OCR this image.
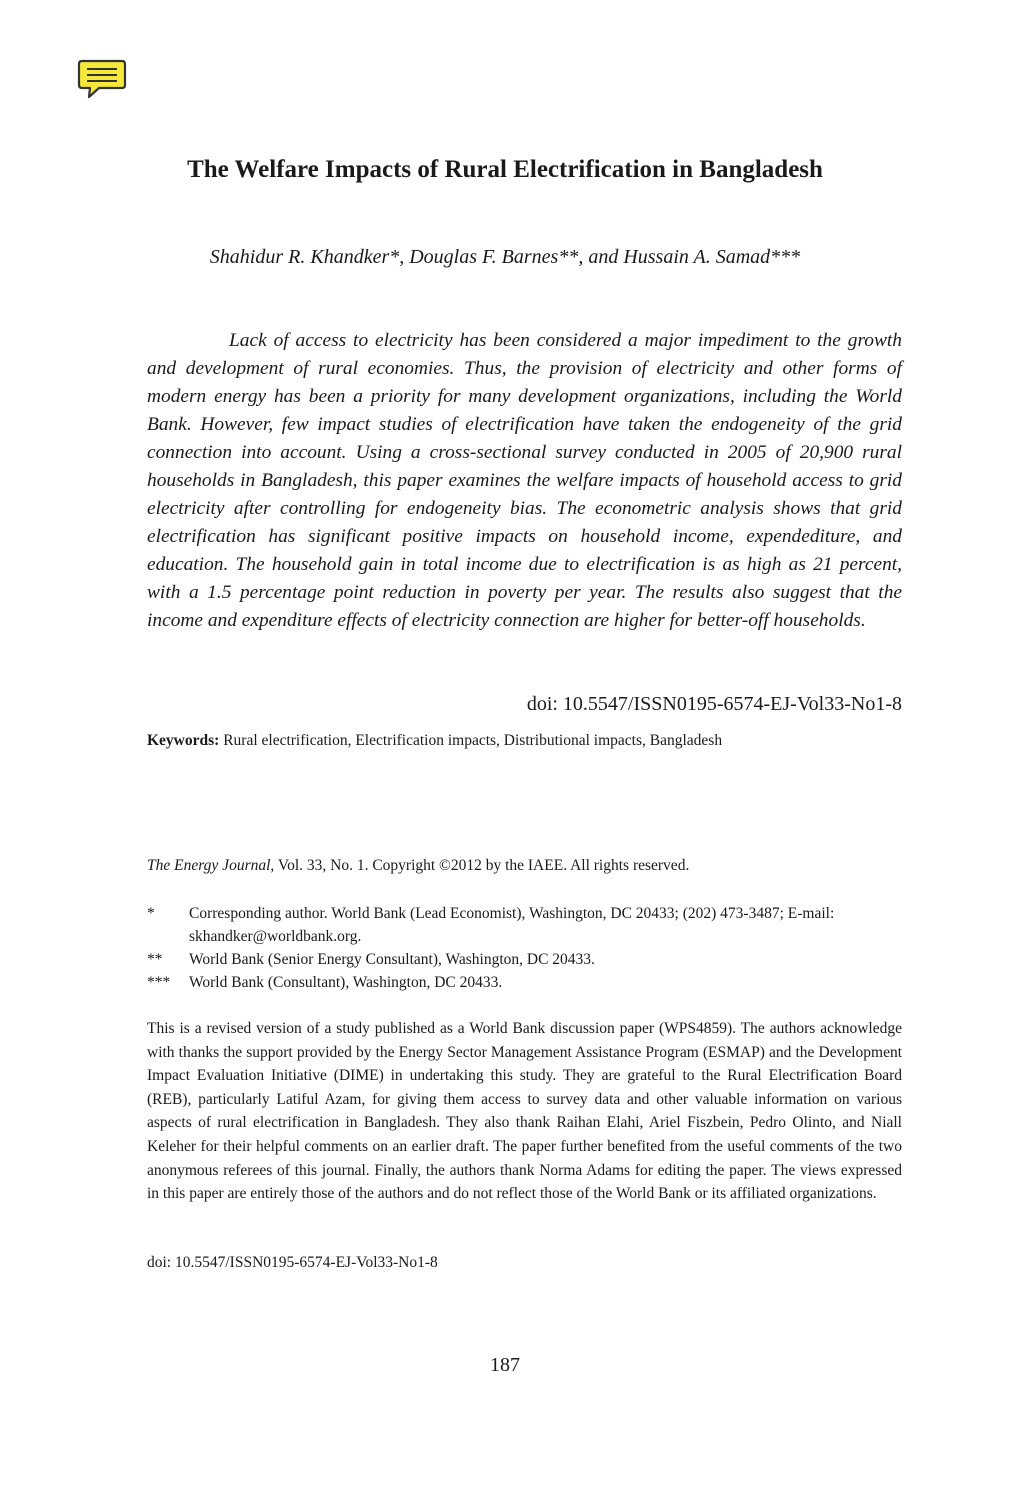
The Welfare Impacts of Rural Electrification in Bangladesh

Shahidur R. Khandker*, Douglas F. Barnes**, and Hussain A. Samad***

Lack of access to electricity has been considered a major impediment to the growth and development of rural economies. Thus, the provision of electricity and other forms of modern energy has been a priority for many development organizations, including the World Bank. However, few impact studies of electrification have taken the endogeneity of the grid connection into account. Using a cross-sectional survey conducted in 2005 of 20,900 rural households in Bangladesh, this paper examines the welfare impacts of household access to grid electricity after controlling for endogeneity bias. The econometric analysis shows that grid electrification has significant positive impacts on household income, expendediture, and education. The household gain in total income due to electrification is as high as 21 percent, with a 1.5 percentage point reduction in poverty per year. The results also suggest that the income and expenditure effects of electricity connection are higher for better-off households.

doi: 10.5547/ISSN0195-6574-EJ-Vol33-No1-8

Keywords: Rural electrification, Electrification impacts, Distributional impacts, Bangladesh

The Energy Journal, Vol. 33, No. 1. Copyright ©2012 by the IAEE. All rights reserved.

* Corresponding author. World Bank (Lead Economist), Washington, DC 20433; (202) 473-3487; E-mail: skhandker@worldbank.org.
** World Bank (Senior Energy Consultant), Washington, DC 20433.
*** World Bank (Consultant), Washington, DC 20433.

This is a revised version of a study published as a World Bank discussion paper (WPS4859). The authors acknowledge with thanks the support provided by the Energy Sector Management Assistance Program (ESMAP) and the Development Impact Evaluation Initiative (DIME) in undertaking this study. They are grateful to the Rural Electrification Board (REB), particularly Latiful Azam, for giving them access to survey data and other valuable information on various aspects of rural electrification in Bangladesh. They also thank Raihan Elahi, Ariel Fiszbein, Pedro Olinto, and Niall Keleher for their helpful comments on an earlier draft. The paper further benefited from the useful comments of the two anonymous referees of this journal. Finally, the authors thank Norma Adams for editing the paper. The views expressed in this paper are entirely those of the authors and do not reflect those of the World Bank or its affiliated organizations.

doi: 10.5547/ISSN0195-6574-EJ-Vol33-No1-8

187
